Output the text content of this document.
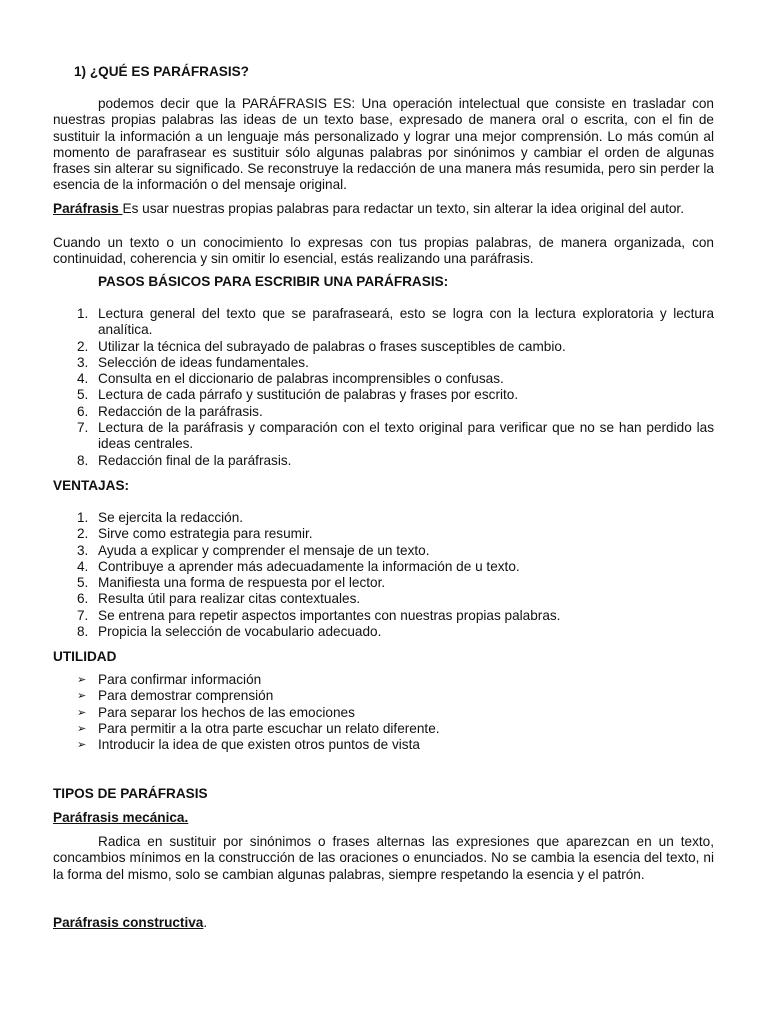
1) ¿QUÉ ES PARÁFRASIS?
podemos decir que la PARÁFRASIS ES: Una operación intelectual que consiste en trasladar con nuestras propias palabras las ideas de un texto base, expresado de manera oral o escrita, con el fin de sustituir la información a un lenguaje más personalizado y lograr una mejor comprensión. Lo más común al momento de parafrasear es sustituir sólo algunas palabras por sinónimos y cambiar el orden de algunas frases sin alterar su significado. Se reconstruye la redacción de una manera más resumida, pero sin perder la esencia de la información o del mensaje original.
Paráfrasis Es usar nuestras propias palabras para redactar un texto, sin alterar la idea original del autor.
Cuando un texto o un conocimiento lo expresas con tus propias palabras, de manera organizada, con continuidad, coherencia y sin omitir lo esencial, estás realizando una paráfrasis.
PASOS BÁSICOS PARA ESCRIBIR UNA PARÁFRASIS:
1. Lectura general del texto que se parafraseará, esto se logra con la lectura exploratoria y lectura analítica.
2. Utilizar la técnica del subrayado de palabras o frases susceptibles de cambio.
3. Selección de ideas fundamentales.
4. Consulta en el diccionario de palabras incomprensibles o confusas.
5. Lectura de cada párrafo y sustitución de palabras y frases por escrito.
6. Redacción de la paráfrasis.
7. Lectura de la paráfrasis y comparación con el texto original para verificar que no se han perdido las ideas centrales.
8. Redacción final de la paráfrasis.
VENTAJAS:
1. Se ejercita la redacción.
2. Sirve como estrategia para resumir.
3. Ayuda a explicar y comprender el mensaje de un texto.
4. Contribuye a aprender más adecuadamente la información de u texto.
5. Manifiesta una forma de respuesta por el lector.
6. Resulta útil para realizar citas contextuales.
7. Se entrena para repetir aspectos importantes con nuestras propias palabras.
8. Propicia la selección de vocabulario adecuado.
UTILIDAD
➢ Para confirmar información
➢ Para demostrar comprensión
➢ Para separar los hechos de las emociones
➢ Para permitir a la otra parte escuchar un relato diferente.
➢ Introducir la idea de que existen otros puntos de vista
TIPOS DE PARÁFRASIS
Paráfrasis mecánica.
Radica en sustituir por sinónimos o frases alternas las expresiones que aparezcan en un texto, concambios mínimos en la construcción de las oraciones o enunciados. No se cambia la esencia del texto, ni la forma del mismo, solo se cambian algunas palabras, siempre respetando la esencia y el patrón.
Paráfrasis constructiva.
